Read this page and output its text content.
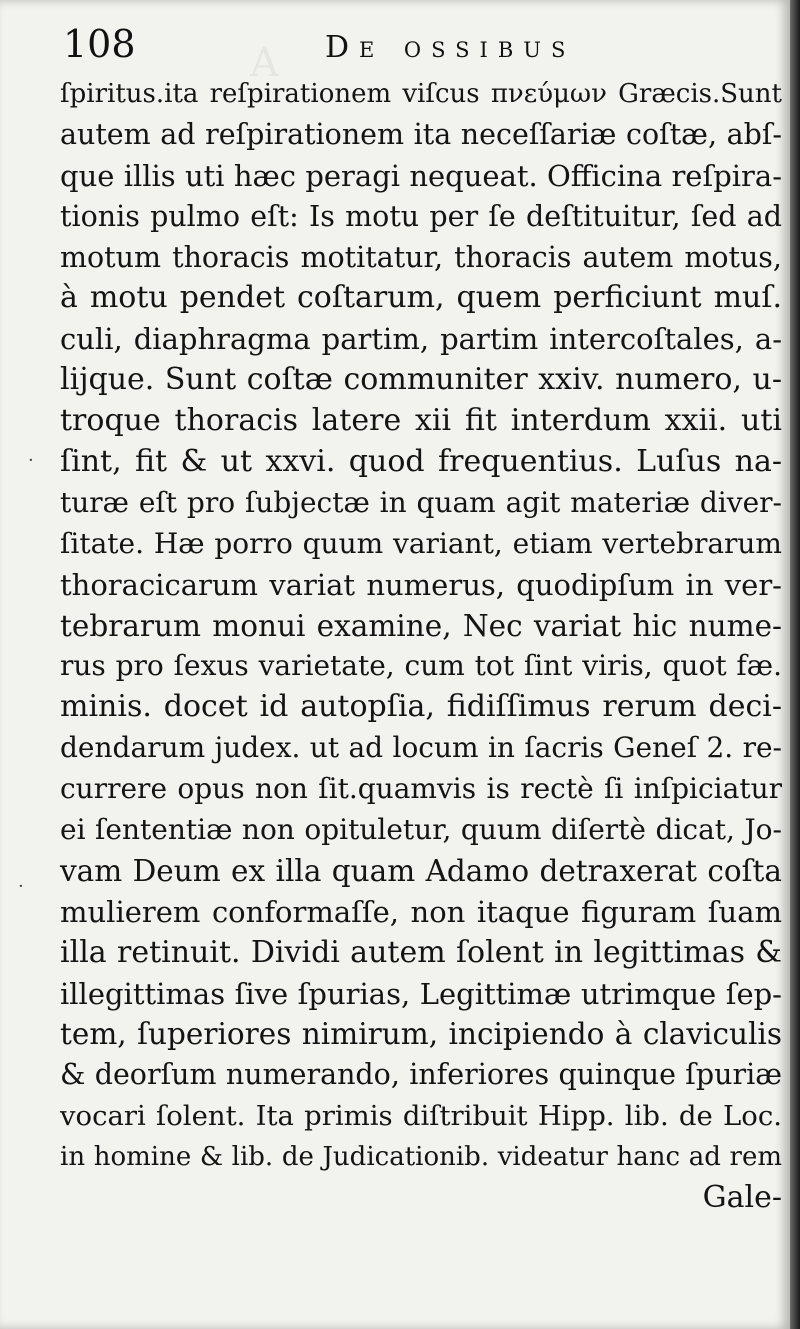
A
108	De ossibus
ſpiritus.ita reſpirationem viſcus πνεύμων Græcis.Sunt
autem ad reſpirationem ita neceſſariæ coſtæ, abſ-
que illis uti hæc peragi nequeat. Officina reſpira-
tionis pulmo eſt: Is motu per ſe deſtituitur, ſed ad
motum thoracis motitatur, thoracis autem motus,
à motu pendet coſtarum, quem perficiunt muſ.
culi, diaphragma partim, partim intercoſtales, a-
lijque. Sunt coſtæ communiter xxiv. numero, u-
troque thoracis latere xii fit interdum xxii. uti
ſint, fit & ut xxvi. quod frequentius. Luſus na-
turæ eſt pro ſubjectæ in quam agit materiæ diver-
ſitate. Hæ porro quum variant, etiam vertebrarum
thoracicarum variat numerus, quodipſum in ver-
tebrarum monui examine, Nec variat hic nume-
rus pro ſexus varietate, cum tot ſint viris, quot fæ.
minis. docet id autopſia, fidiſſimus rerum deci-
dendarum judex. ut ad locum in ſacris Geneſ 2. re-
currere opus non ſit.quamvis is rectè ſi inſpiciatur
ei ſententiæ non opituletur, quum diſertè dicat, Jo-
vam Deum ex illa quam Adamo detraxerat coſta
mulierem conformaſſe, non itaque figuram ſuam
illa retinuit. Dividi autem ſolent in legittimas &
illegittimas ſive ſpurias, Legittimæ utrimque ſep-
tem, ſuperiores nimirum, incipiendo à claviculis
& deorſum numerando, inferiores quinque ſpuriæ
vocari ſolent. Ita primis diſtribuit Hipp. lib. de Loc.
in homine & lib. de Judicationib. videatur hanc ad rem
Gale-
·
·
